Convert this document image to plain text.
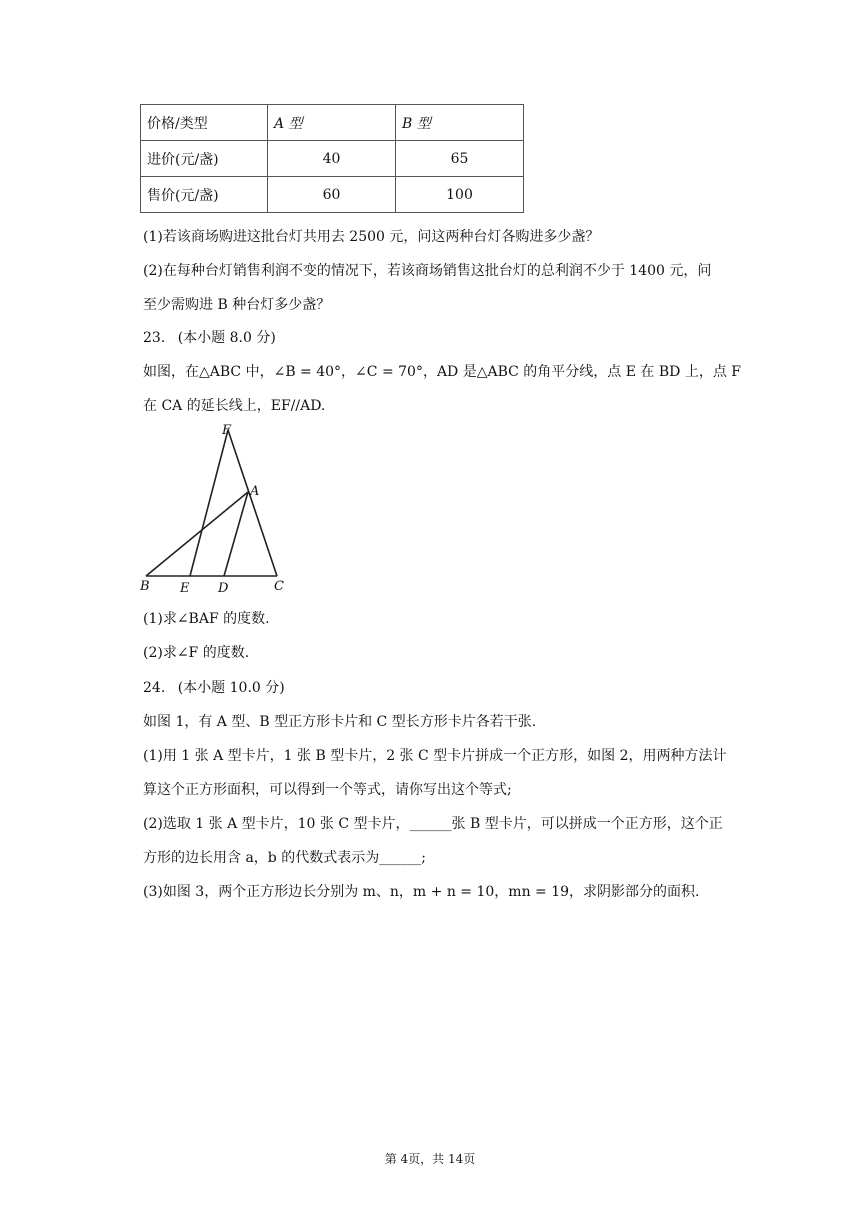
价格/类型	A 型	B 型
进价(元/盏)	40	65
售价(元/盏)	60	100
(1)若该商场购进这批台灯共用去 2500 元，问这两种台灯各购进多少盏？
(2)在每种台灯销售利润不变的情况下，若该商场销售这批台灯的总利润不少于 1400 元，问
至少需购进 B 种台灯多少盏？
23. (本小题 8.0 分)
如图，在△ABC 中，∠B = 40°，∠C = 70°，AD 是△ABC 的角平分线，点 E 在 BD 上，点 F
在 CA 的延长线上，EF//AD.
F
A
B E D	C
(1)求∠BAF 的度数.
(2)求∠F 的度数.
24. (本小题 10.0 分)
如图 1，有 A 型、B 型正方形卡片和 C 型长方形卡片各若干张.
(1)用 1 张 A 型卡片，1 张 B 型卡片，2 张 C 型卡片拼成一个正方形，如图 2，用两种方法计
算这个正方形面积，可以得到一个等式，请你写出这个等式;
(2)选取 1 张 A 型卡片，10 张 C 型卡片，______张 B 型卡片，可以拼成一个正方形，这个正
方形的边长用含 a，b 的代数式表示为______;
(3)如图 3，两个正方形边长分别为 m、n，m + n = 10，mn = 19，求阴影部分的面积.
第 4页，共 14页
